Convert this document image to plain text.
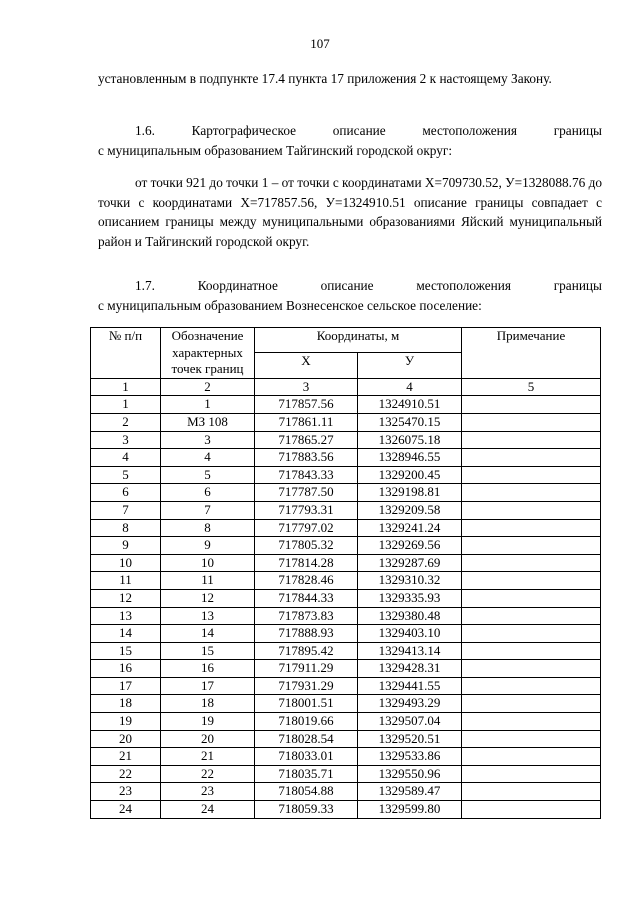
107
установленным в подпункте 17.4 пункта 17 приложения 2 к настоящему Закону.
1.6. Картографическое описание местоположения границы
с муниципальным образованием Тайгинский городской округ:
от точки 921 до точки 1 – от точки с координатами Х=709730.52, У=1328088.76 до точки с координатами Х=717857.56, У=1324910.51 описание границы совпадает с описанием границы между муниципальными образованиями Яйский муниципальный район и Тайгинский городской округ.
1.7. Координатное описание местоположения границы
с муниципальным образованием Вознесенское сельское поселение:
№ п/п	Обозначение характерных точек границ	Координаты, м		Примечание
		Х	У	
1	2	3	4	5
1	1	717857.56	1324910.51	
2	МЗ 108	717861.11	1325470.15	
3	3	717865.27	1326075.18	
4	4	717883.56	1328946.55	
5	5	717843.33	1329200.45	
6	6	717787.50	1329198.81	
7	7	717793.31	1329209.58	
8	8	717797.02	1329241.24	
9	9	717805.32	1329269.56	
10	10	717814.28	1329287.69	
11	11	717828.46	1329310.32	
12	12	717844.33	1329335.93	
13	13	717873.83	1329380.48	
14	14	717888.93	1329403.10	
15	15	717895.42	1329413.14	
16	16	717911.29	1329428.31	
17	17	717931.29	1329441.55	
18	18	718001.51	1329493.29	
19	19	718019.66	1329507.04	
20	20	718028.54	1329520.51	
21	21	718033.01	1329533.86	
22	22	718035.71	1329550.96	
23	23	718054.88	1329589.47	
24	24	718059.33	1329599.80	
